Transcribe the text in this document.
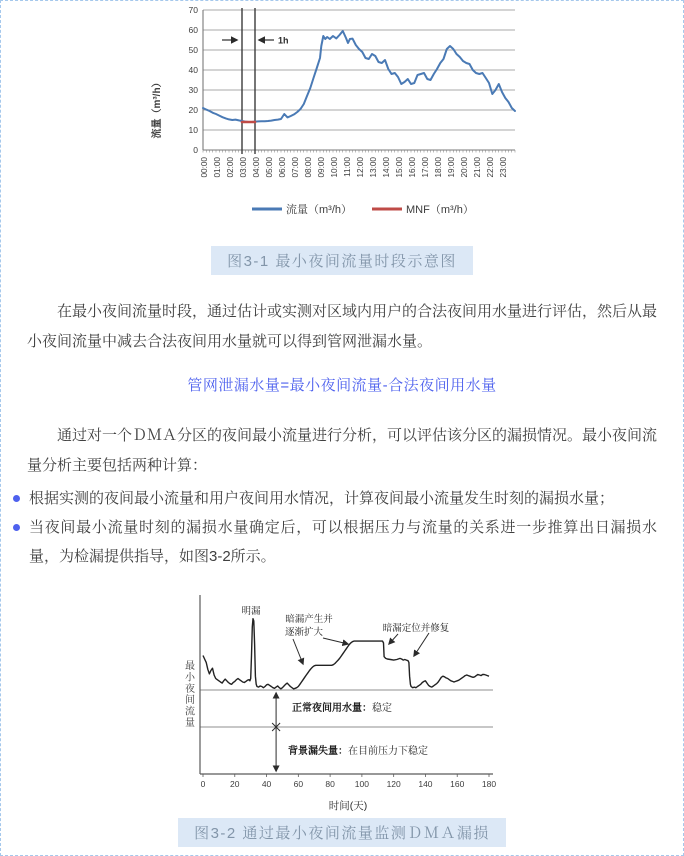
10
20
30
40
50
60
70
0
00:00 01:00 02:00 03:00 04:00 05:00 06:00 07:00 08:00 09:00 10:00 11:00 12:00 13:00 14:00 15:00 16:00 17:00 18:00 19:00 20:00 21:00 22:00 23:00
流量（m³/h）
1h
流量（m³/h）	MNF（m³/h）
图3-1 最小夜间流量时段示意图

在最小夜间流量时段，通过估计或实测对区域内用户的合法夜间用水量进行评估，然后从最小夜间流量中减去合法夜间用水量就可以得到管网泄漏水量。

管网泄漏水量=最小夜间流量-合法夜间用水量

通过对一个ＤＭＡ分区的夜间最小流量进行分析，可以评估该分区的漏损情况。最小夜间流量分析主要包括两种计算：

根据实测的夜间最小流量和用户夜间用水情况，计算夜间最小流量发生时刻的漏损水量；
当夜间最小流量时刻的漏损水量确定后，可以根据压力与流量的关系进一步推算出日漏损水量，为检漏提供指导，如图3-2所示。
0	20	40	60	80 100 120 140 160 180
最
小
夜
间
流
量
明漏
暗漏产生并
逐渐扩大	暗漏定位并修复
正常夜间用水量：稳定
背景漏失量：在目前压力下稳定
时间(天)
图3-2 通过最小夜间流量监测ＤＭＡ漏损
